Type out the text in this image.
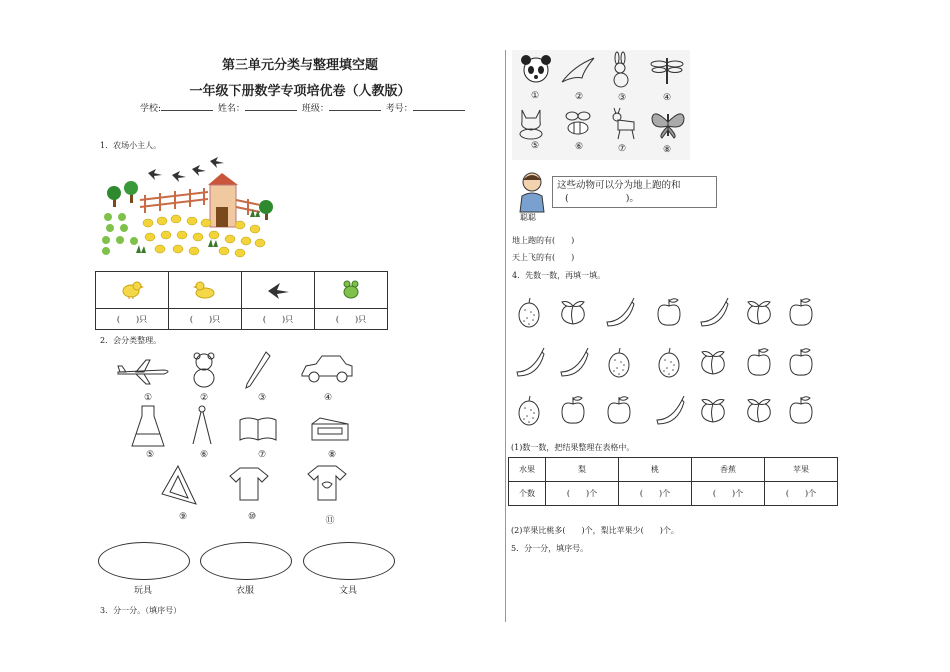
第三单元分类与整理填空题
一年级下册数学专项培优卷（人教版）
学校:	姓名：	班级：	考号：
1．农场小主人。

(　　)只	(　　)只	(　　)只	(　　)只
2．会分类整理。
①	②	③	④
⑤	⑥	⑦	⑧
⑨	⑩	⑪
玩具	衣服	文具
3．分一分。（填序号）
①	②	③	④
⑤	⑥	⑦	⑧
聪聪
这些动物可以分为地上跑的和
(　　　　　　)。
地上跑的有(　　)
天上飞的有(　　)
4．先数一数，再填一填。
(1)数一数，把结果整理在表格中。
水果	梨	桃	香蕉	苹果
个数	(　　)个	(　　)个	(　　)个	(　　)个
(2)苹果比桃多(　　)个，梨比苹果少(　　)个。
5．分一分，填序号。
